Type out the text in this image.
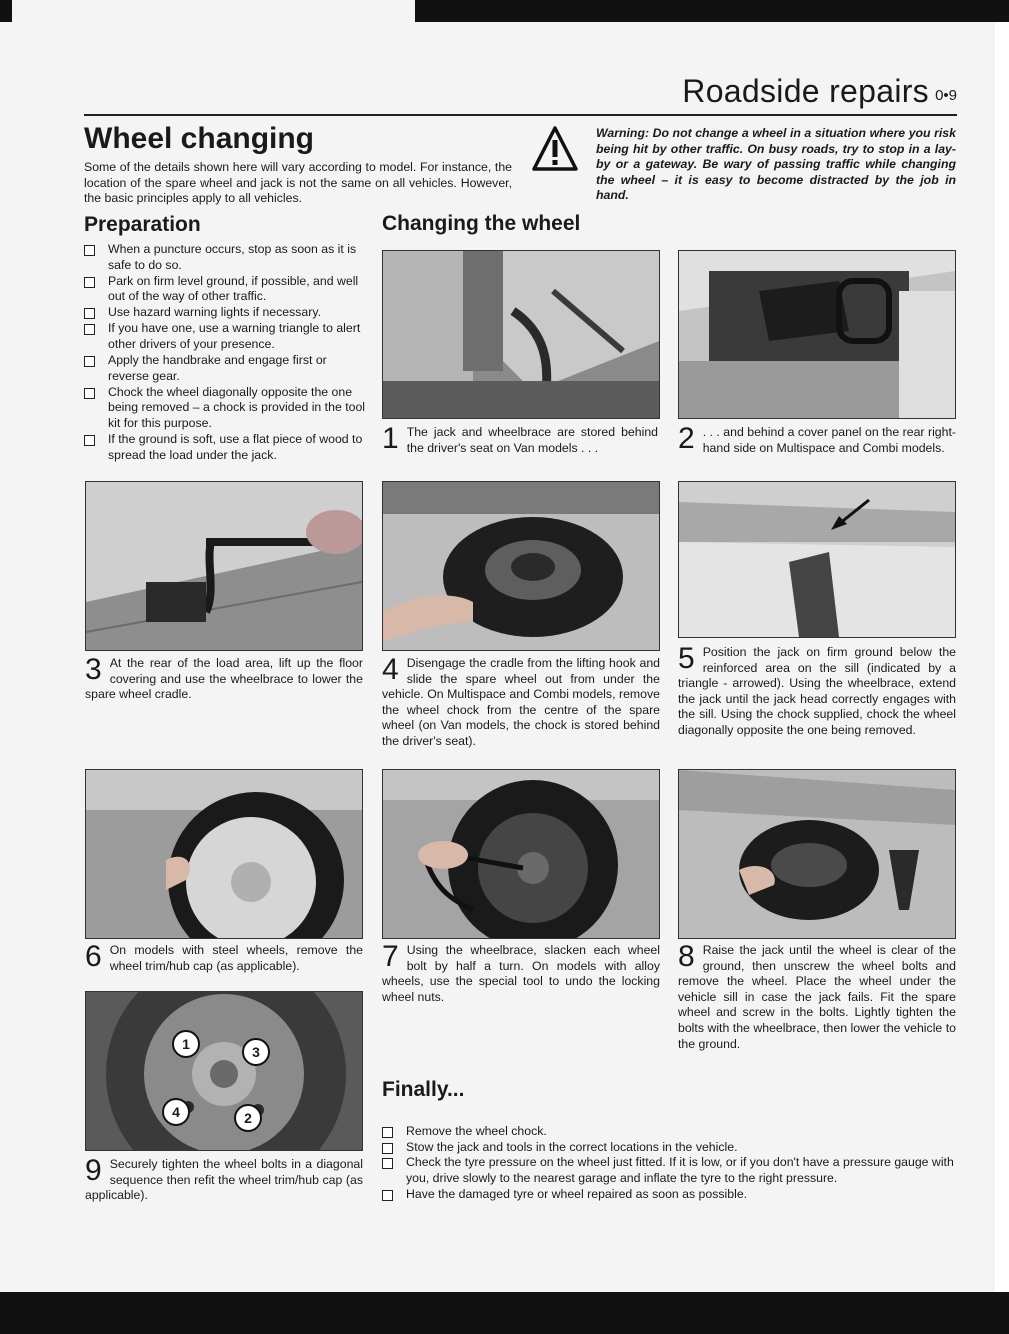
Roadside repairs 0•9
Wheel changing
Some of the details shown here will vary according to model. For instance, the location of the spare wheel and jack is not the same on all vehicles. However, the basic principles apply to all vehicles.
Warning: Do not change a wheel in a situation where you risk being hit by other traffic. On busy roads, try to stop in a lay-by or a gateway. Be wary of passing traffic while changing the wheel – it is easy to become distracted by the job in hand.
Preparation
When a puncture occurs, stop as soon as it is safe to do so.
Park on firm level ground, if possible, and well out of the way of other traffic.
Use hazard warning lights if necessary.
If you have one, use a warning triangle to alert other drivers of your presence.
Apply the handbrake and engage first or reverse gear.
Chock the wheel diagonally opposite the one being removed – a chock is provided in the tool kit for this purpose.
If the ground is soft, use a flat piece of wood to spread the load under the jack.
Changing the wheel
1 The jack and wheelbrace are stored behind the driver's seat on Van models . . .	2 . . . and behind a cover panel on the rear right-hand side on Multispace and Combi models.
3 At the rear of the load area, lift up the floor covering and use the wheelbrace to lower the spare wheel cradle.
4 Disengage the cradle from the lifting hook and slide the spare wheel out from under the vehicle. On Multispace and Combi models, remove the wheel chock from the centre of the spare wheel (on Van models, the chock is stored behind the driver's seat).
5 Position the jack on firm ground below the reinforced area on the sill (indicated by a triangle - arrowed). Using the wheelbrace, extend the jack until the jack head correctly engages with the sill. Using the chock supplied, chock the wheel diagonally opposite the one being removed.
6 On models with steel wheels, remove the wheel trim/hub cap (as applicable).	7 Using the wheelbrace, slacken each wheel bolt by half a turn. On models with alloy wheels, use the special tool to undo the locking wheel nuts.
8 Raise the jack until the wheel is clear of the ground, then unscrew the wheel bolts and remove the wheel. Place the wheel under the vehicle sill in case the jack fails. Fit the spare wheel and screw in the bolts. Lightly tighten the bolts with the wheelbrace, then lower the vehicle to the ground.
1	3
4	2
9 Securely tighten the wheel bolts in a diagonal sequence then refit the wheel trim/hub cap (as applicable).
Finally...
Remove the wheel chock.
Stow the jack and tools in the correct locations in the vehicle.
Check the tyre pressure on the wheel just fitted. If it is low, or if you don't have a pressure gauge with you, drive slowly to the nearest garage and inflate the tyre to the right pressure.
Have the damaged tyre or wheel repaired as soon as possible.
